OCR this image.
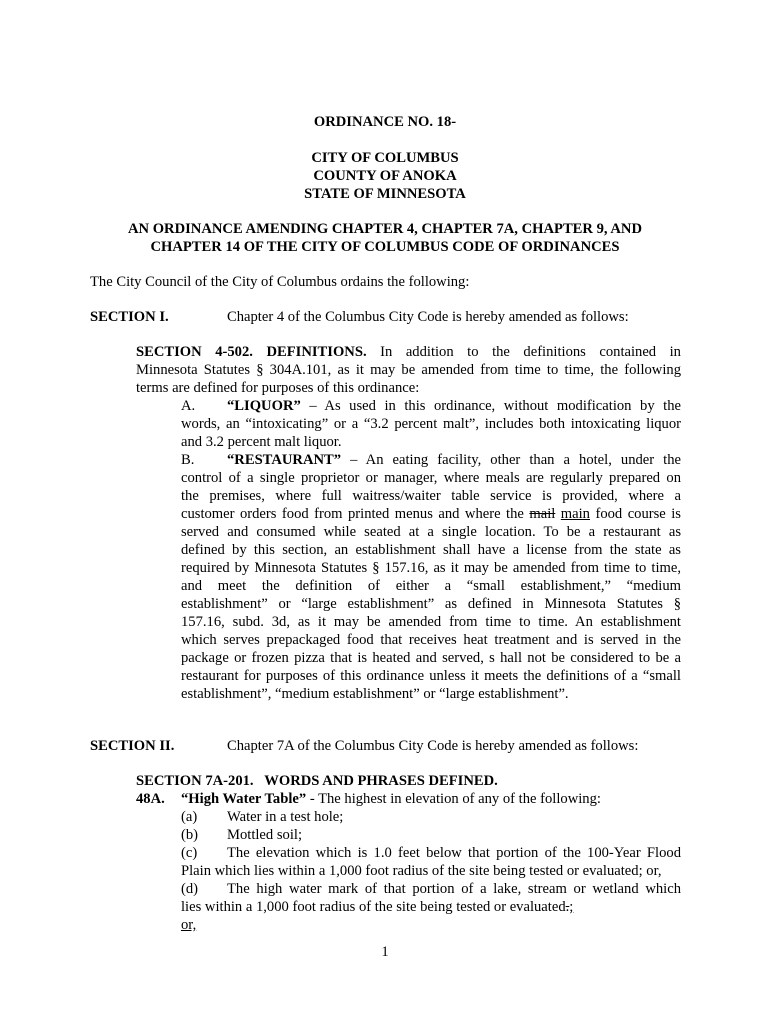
ORDINANCE NO. 18-
CITY OF COLUMBUS
COUNTY OF ANOKA
STATE OF MINNESOTA
AN ORDINANCE AMENDING CHAPTER 4, CHAPTER 7A, CHAPTER 9, AND
CHAPTER 14 OF THE CITY OF COLUMBUS CODE OF ORDINANCES
The City Council of the City of Columbus ordains the following:
SECTION I.	Chapter 4 of the Columbus City Code is hereby amended as follows:
SECTION 4-502. DEFINITIONS. In addition to the definitions contained in
Minnesota Statutes § 304A.101, as it may be amended from time to time, the following
terms are defined for purposes of this ordinance:
A. “LIQUOR” – As used in this ordinance, without modification by the
words, an “intoxicating” or a “3.2 percent malt”, includes both intoxicating liquor
and 3.2 percent malt liquor.
B. “RESTAURANT” – An eating facility, other than a hotel, under the
control of a single proprietor or manager, where meals are regularly prepared on
the premises, where full waitress/waiter table service is provided, where a
customer orders food from printed menus and where the mail main food course is
served and consumed while seated at a single location. To be a restaurant as
defined by this section, an establishment shall have a license from the state as
required by Minnesota Statutes § 157.16, as it may be amended from time to time,
and meet the definition of either a “small establishment,” “medium
establishment” or “large establishment” as defined in Minnesota Statutes §
157.16, subd. 3d, as it may be amended from time to time. An establishment
which serves prepackaged food that receives heat treatment and is served in the
package or frozen pizza that is heated and served, s hall not be considered to be a
restaurant for purposes of this ordinance unless it meets the definitions of a “small
establishment”, “medium establishment” or “large establishment”.
SECTION II.	Chapter 7A of the Columbus City Code is hereby amended as follows:
SECTION 7A-201.   WORDS AND PHRASES DEFINED.
48A. “High Water Table” - The highest in elevation of any of the following:
(a) Water in a test hole;
(b) Mottled soil;
(c) The elevation which is 1.0 feet below that portion of the 100-Year Flood
Plain which lies within a 1,000 foot radius of the site being tested or evaluated; or,
(d) The high water mark of that portion of a lake, stream or wetland which
lies within a 1,000 foot radius of the site being tested or evaluated.;
or,
1
